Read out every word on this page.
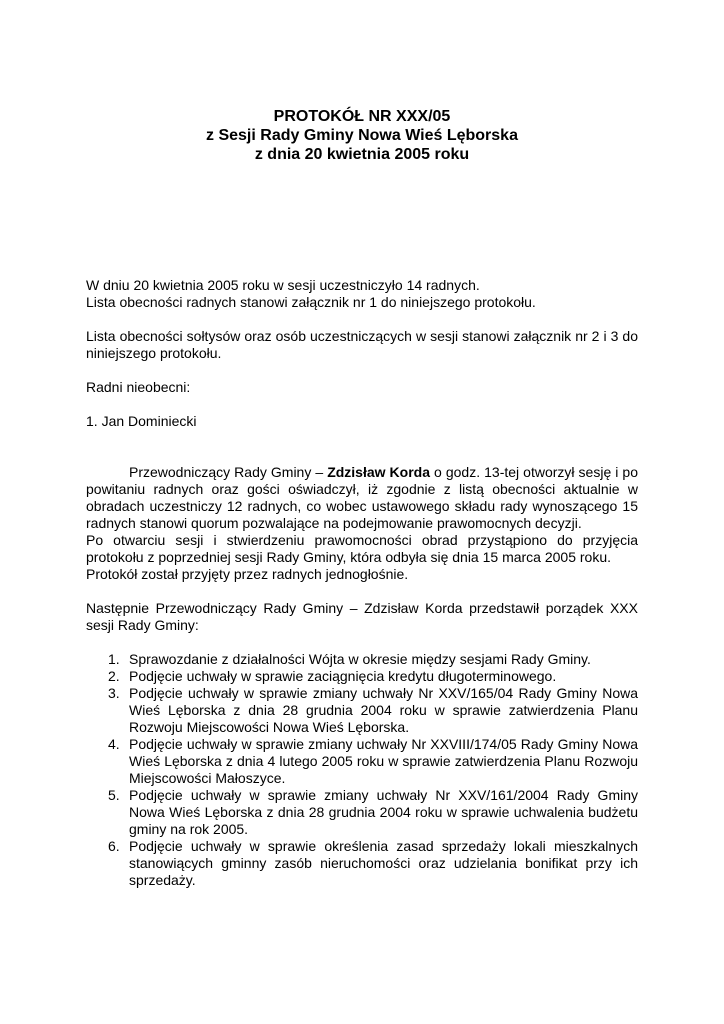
PROTOKÓŁ NR XXX/05
z Sesji Rady Gminy Nowa Wieś Lęborska
z dnia 20 kwietnia 2005 roku

W dniu 20 kwietnia 2005 roku w sesji uczestniczyło 14 radnych.

Lista obecności radnych stanowi załącznik nr 1 do niniejszego protokołu.

Lista obecności sołtysów oraz osób uczestniczących w sesji stanowi załącznik nr 2 i 3 do niniejszego protokołu.

Radni nieobecni:

1. Jan Dominiecki

Przewodniczący Rady Gminy – Zdzisław Korda o godz. 13-tej otworzył sesję i po powitaniu radnych oraz gości oświadczył, iż zgodnie z listą obecności aktualnie w obradach uczestniczy 12 radnych, co wobec ustawowego składu rady wynoszącego 15 radnych stanowi quorum pozwalające na podejmowanie prawomocnych decyzji.

Po otwarciu sesji i stwierdzeniu prawomocności obrad przystąpiono do przyjęcia protokołu z poprzedniej sesji Rady Gminy, która odbyła się dnia 15 marca 2005 roku.

Protokół został przyjęty przez radnych jednogłośnie.

Następnie Przewodniczący Rady Gminy – Zdzisław Korda przedstawił porządek XXX sesji Rady Gminy:

1. Sprawozdanie z działalności Wójta w okresie między sesjami Rady Gminy.
2. Podjęcie uchwały w sprawie zaciągnięcia kredytu długoterminowego.
3. Podjęcie uchwały w sprawie zmiany uchwały Nr XXV/165/04 Rady Gminy Nowa Wieś Lęborska z dnia 28 grudnia 2004 roku w sprawie zatwierdzenia Planu Rozwoju Miejscowości Nowa Wieś Lęborska.
4. Podjęcie uchwały w sprawie zmiany uchwały Nr XXVIII/174/05 Rady Gminy Nowa Wieś Lęborska z dnia 4 lutego 2005 roku w sprawie zatwierdzenia Planu Rozwoju Miejscowości Małoszyce.
5. Podjęcie uchwały w sprawie zmiany uchwały Nr XXV/161/2004 Rady Gminy Nowa Wieś Lęborska z dnia 28 grudnia 2004 roku w sprawie uchwalenia budżetu gminy na rok 2005.
6. Podjęcie uchwały w sprawie określenia zasad sprzedaży lokali mieszkalnych stanowiących gminny zasób nieruchomości oraz udzielania bonifikat przy ich sprzedaży.
